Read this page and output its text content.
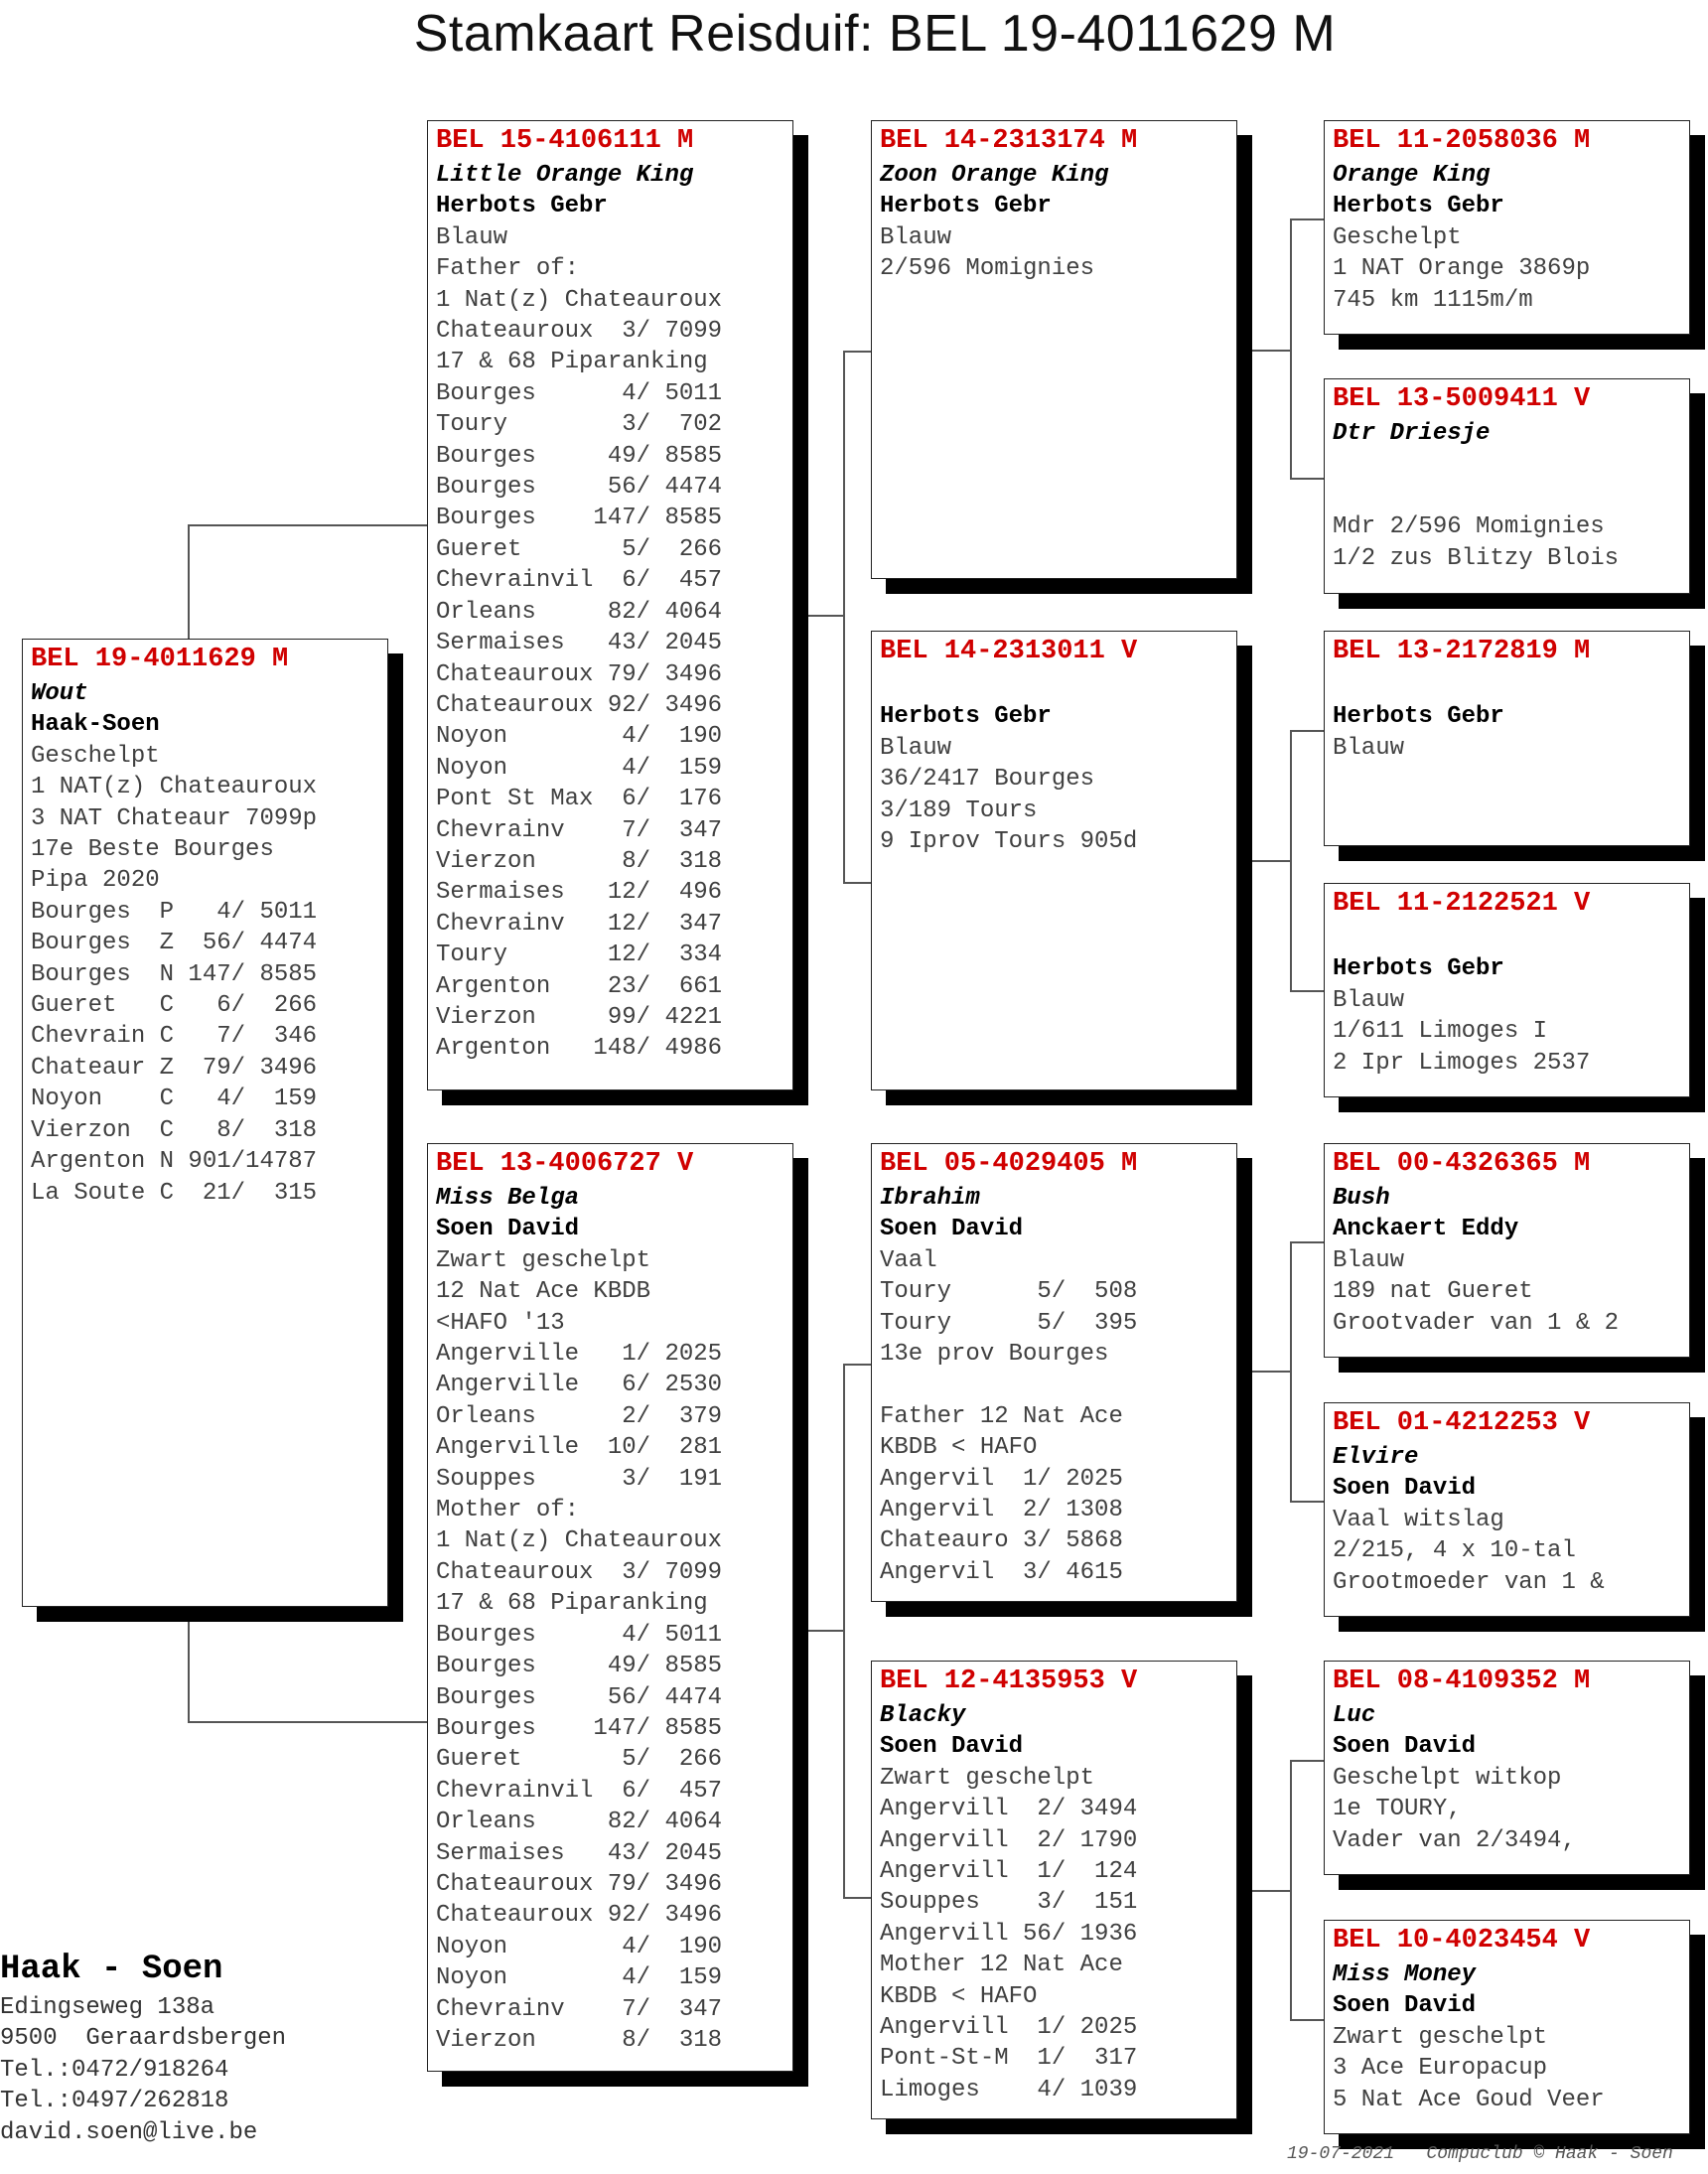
Stamkaart Reisduif: BEL 19-4011629 M
BEL 19-4011629 M
Wout
Haak-Soen
Geschelpt
1 NAT(z) Chateauroux
3 NAT Chateaur 7099p
17e Beste Bourges
Pipa 2020
Bourges  P   4/ 5011
Bourges  Z  56/ 4474
Bourges  N 147/ 8585
Gueret   C   6/  266
Chevrain C   7/  346
Chateaur Z  79/ 3496
Noyon    C   4/  159
Vierzon  C   8/  318
Argenton N 901/14787
La Soute C  21/  315
BEL 15-4106111 M
Little Orange King
Herbots Gebr
Blauw
Father of:
1 Nat(z) Chateauroux
Chateauroux  3/ 7099
17 & 68 Piparanking
Bourges      4/ 5011
Toury        3/  702
Bourges     49/ 8585
Bourges     56/ 4474
Bourges    147/ 8585
Gueret       5/  266
Chevrainvil  6/  457
Orleans     82/ 4064
Sermaises   43/ 2045
Chateauroux 79/ 3496
Chateauroux 92/ 3496
Noyon        4/  190
Noyon        4/  159
Pont St Max  6/  176
Chevrainv    7/  347
Vierzon      8/  318
Sermaises   12/  496
Chevrainv   12/  347
Toury       12/  334
Argenton    23/  661
Vierzon     99/ 4221
Argenton   148/ 4986
BEL 13-4006727 V
Miss Belga
Soen David
Zwart geschelpt
12 Nat Ace KBDB
<HAFO '13
Angerville   1/ 2025
Angerville   6/ 2530
Orleans      2/  379
Angerville  10/  281
Souppes      3/  191
Mother of:
1 Nat(z) Chateauroux
Chateauroux  3/ 7099
17 & 68 Piparanking
Bourges      4/ 5011
Bourges     49/ 8585
Bourges     56/ 4474
Bourges    147/ 8585
Gueret       5/  266
Chevrainvil  6/  457
Orleans     82/ 4064
Sermaises   43/ 2045
Chateauroux 79/ 3496
Chateauroux 92/ 3496
Noyon        4/  190
Noyon        4/  159
Chevrainv    7/  347
Vierzon      8/  318
BEL 14-2313174 M
Zoon Orange King
Herbots Gebr
Blauw
2/596 Momignies
BEL 14-2313011 V

Herbots Gebr
Blauw
36/2417 Bourges
3/189 Tours
9 Iprov Tours 905d
BEL 05-4029405 M
Ibrahim
Soen David
Vaal
Toury      5/  508
Toury      5/  395
13e prov Bourges

Father 12 Nat Ace
KBDB < HAFO
Angervil  1/ 2025
Angervil  2/ 1308
Chateauro 3/ 5868
Angervil  3/ 4615
BEL 12-4135953 V
Blacky
Soen David
Zwart geschelpt
Angervill  2/ 3494
Angervill  2/ 1790
Angervill  1/  124
Souppes    3/  151
Angervill 56/ 1936
Mother 12 Nat Ace
KBDB < HAFO
Angervill  1/ 2025
Pont-St-M  1/  317
Limoges    4/ 1039
BEL 11-2058036 M
Orange King
Herbots Gebr
Geschelpt
1 NAT Orange 3869p
745 km 1115m/m
BEL 13-5009411 V
Dtr Driesje

Mdr 2/596 Momignies
1/2 zus Blitzy Blois
BEL 13-2172819 M

Herbots Gebr
Blauw
BEL 11-2122521 V

Herbots Gebr
Blauw
1/611 Limoges I
2 Ipr Limoges 2537
BEL 00-4326365 M
Bush
Anckaert Eddy
Blauw
189 nat Gueret
Grootvader van 1 & 2
BEL 01-4212253 V
Elvire
Soen David
Vaal witslag
2/215, 4 x 10-tal
Grootmoeder van 1 &
BEL 08-4109352 M
Luc
Soen David
Geschelpt witkop
1e TOURY,
Vader van 2/3494,
BEL 10-4023454 V
Miss Money
Soen David
Zwart geschelpt
3 Ace Europacup
5 Nat Ace Goud Veer
Haak - Soen
Edingseweg 138a
9500  Geraardsbergen
Tel.:0472/918264
Tel.:0497/262818
david.soen@live.be
19-07-2021   Compuclub © Haak - Soen
